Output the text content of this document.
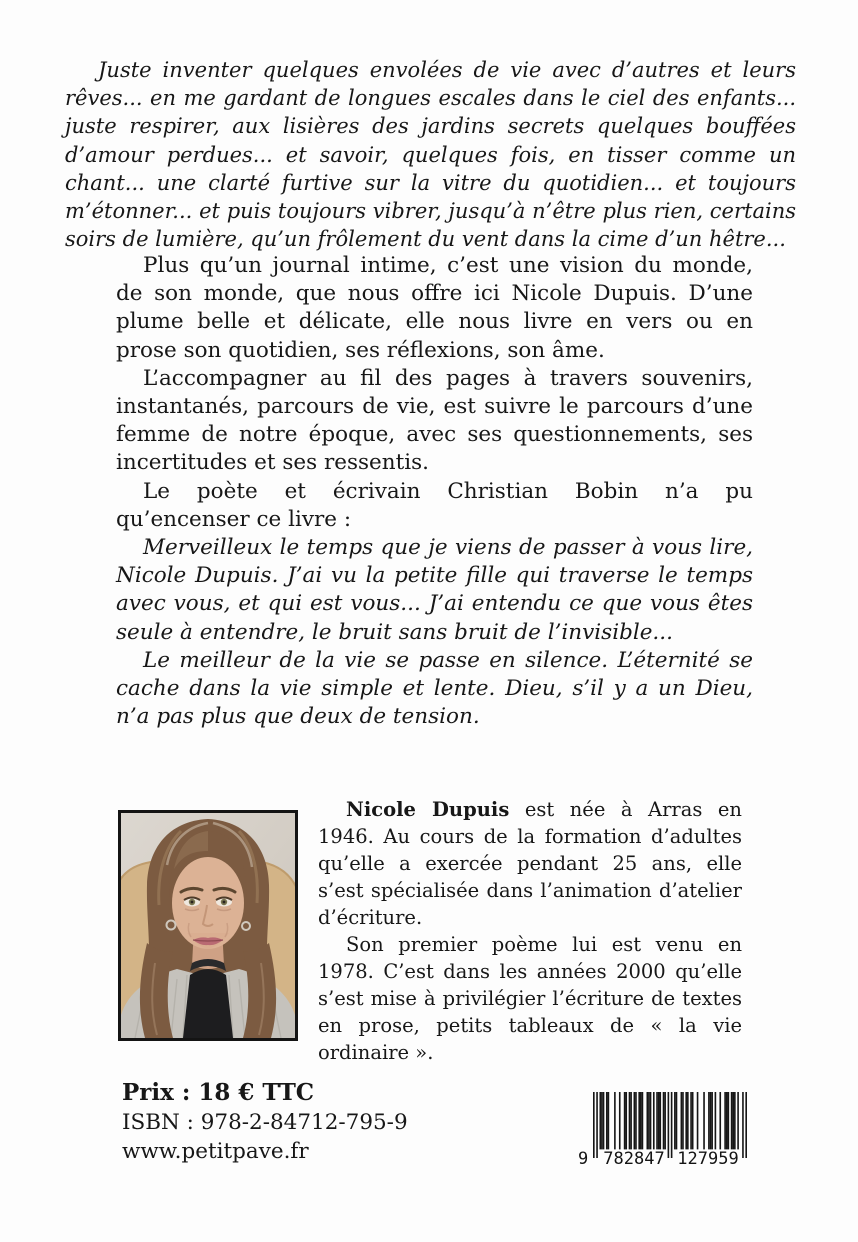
Juste inventer quelques envolées de vie avec d’autres et leurs rêves... en me gardant de longues escales dans le ciel des enfants... juste respirer, aux lisières des jardins secrets quelques bouffées d’amour perdues... et savoir, quelques fois, en tisser comme un chant... une clarté furtive sur la vitre du quotidien... et toujours m’étonner... et puis toujours vibrer, jusqu’à n’être plus rien, certains soirs de lumière, qu’un frôlement du vent dans la cime d’un hêtre...

Plus qu’un journal intime, c’est une vision du monde, de son monde, que nous offre ici Nicole Dupuis. D’une plume belle et délicate, elle nous livre en vers ou en prose son quotidien, ses réflexions, son âme.

L’accompagner au fil des pages à travers souvenirs, instantanés, parcours de vie, est suivre le parcours d’une femme de notre époque, avec ses questionnements, ses incertitudes et ses ressentis.

Le poète et écrivain Christian Bobin n’a pu qu’encenser ce livre :

Merveilleux le temps que je viens de passer à vous lire, Nicole Dupuis. J’ai vu la petite fille qui traverse le temps avec vous, et qui est vous... J’ai entendu ce que vous êtes seule à entendre, le bruit sans bruit de l’invisible...

Le meilleur de la vie se passe en silence. L’éternité se cache dans la vie simple et lente. Dieu, s’il y a un Dieu, n’a pas plus que deux de tension.

Nicole Dupuis est née à Arras en 1946. Au cours de la formation d’adultes qu’elle a exercée pendant 25 ans, elle s’est spécialisée dans l’animation d’atelier d’écriture.

Son premier poème lui est venu en 1978. C’est dans les années 2000 qu’elle s’est mise à privilégier l’écriture de textes en prose, petits tableaux de « la vie ordinaire ».

Prix : 18 € TTC

ISBN : 978-2-84712-795-9

www.petitpave.fr	9 782847 127959
